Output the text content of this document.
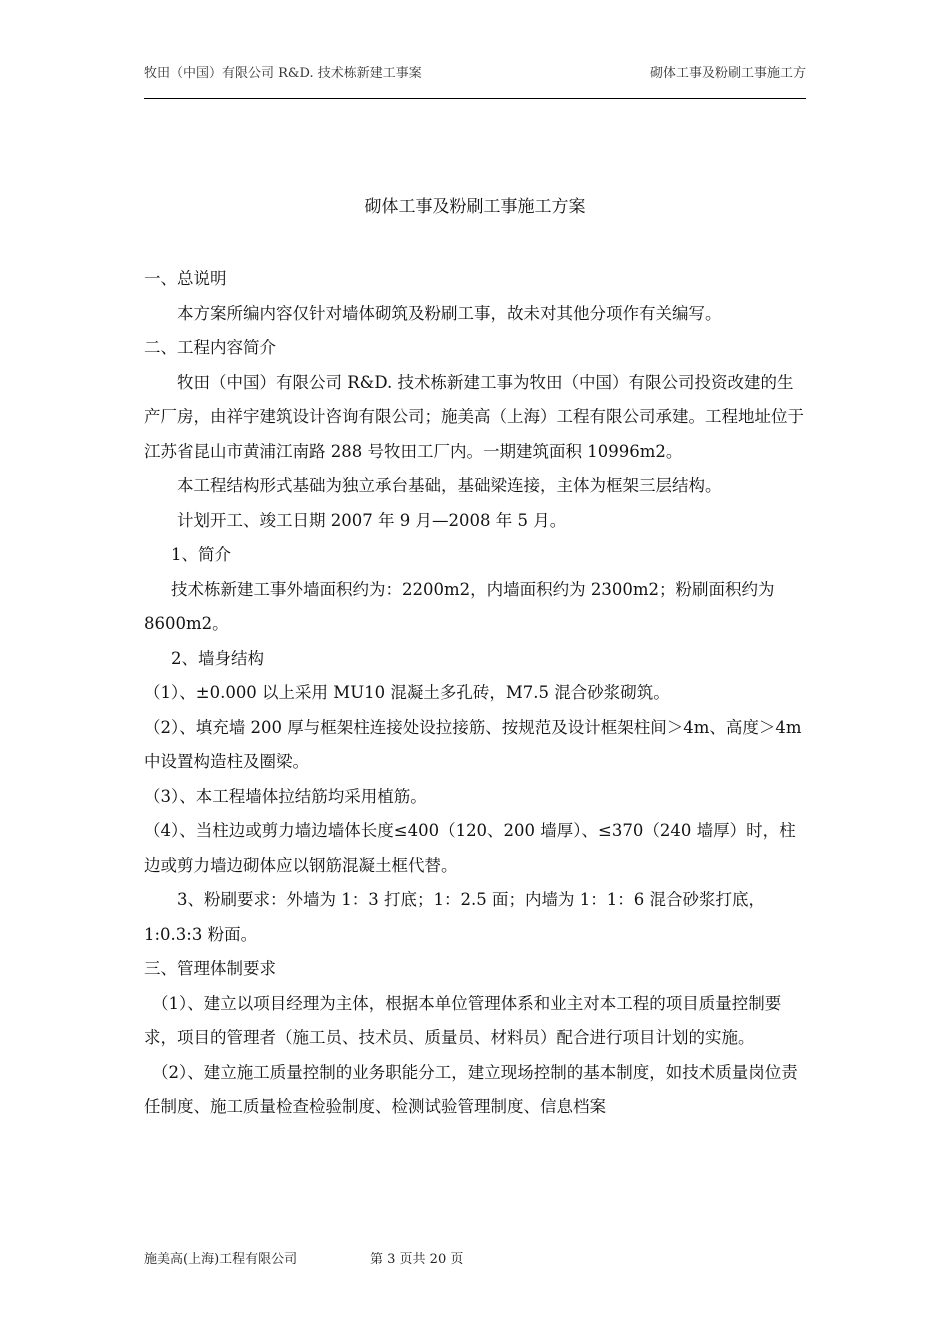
牧田（中国）有限公司 R&D. 技术栋新建工事案	砌体工事及粉刷工事施工方
砌体工事及粉刷工事施工方案

一、总说明

本方案所编内容仅针对墙体砌筑及粉刷工事，故未对其他分项作有关编写。

二、工程内容简介

牧田（中国）有限公司 R&D. 技术栋新建工事为牧田（中国）有限公司投资改建的生产厂房，由祥宇建筑设计咨询有限公司；施美高（上海）工程有限公司承建。工程地址位于江苏省昆山市黄浦江南路 288 号牧田工厂内。一期建筑面积 10996m2。

本工程结构形式基础为独立承台基础，基础梁连接，主体为框架三层结构。

计划开工、竣工日期 2007 年 9 月—2008 年 5 月。

1、简介

技术栋新建工事外墙面积约为：2200m2，内墙面积约为 2300m2；粉刷面积约为 8600m2。

2、墙身结构

（1）、±0.000 以上采用 MU10 混凝土多孔砖，M7.5 混合砂浆砌筑。

（2）、填充墙 200 厚与框架柱连接处设拉接筋、按规范及设计框架柱间＞4m、高度＞4m 中设置构造柱及圈梁。

（3）、本工程墙体拉结筋均采用植筋。

（4）、当柱边或剪力墙边墙体长度≤400（120、200 墙厚）、≤370（240 墙厚）时，柱边或剪力墙边砌体应以钢筋混凝土框代替。

3、粉刷要求：外墙为 1：3 打底；1：2.5 面；内墙为 1：1：6 混合砂浆打底，1:0.3:3 粉面。

三、管理体制要求

（1）、建立以项目经理为主体，根据本单位管理体系和业主对本工程的项目质量控制要求，项目的管理者（施工员、技术员、质量员、材料员）配合进行项目计划的实施。

（2）、建立施工质量控制的业务职能分工，建立现场控制的基本制度，如技术质量岗位责任制度、施工质量检查检验制度、检测试验管理制度、信息档案

施美高(上海)工程有限公司	第 3 页共 20 页
